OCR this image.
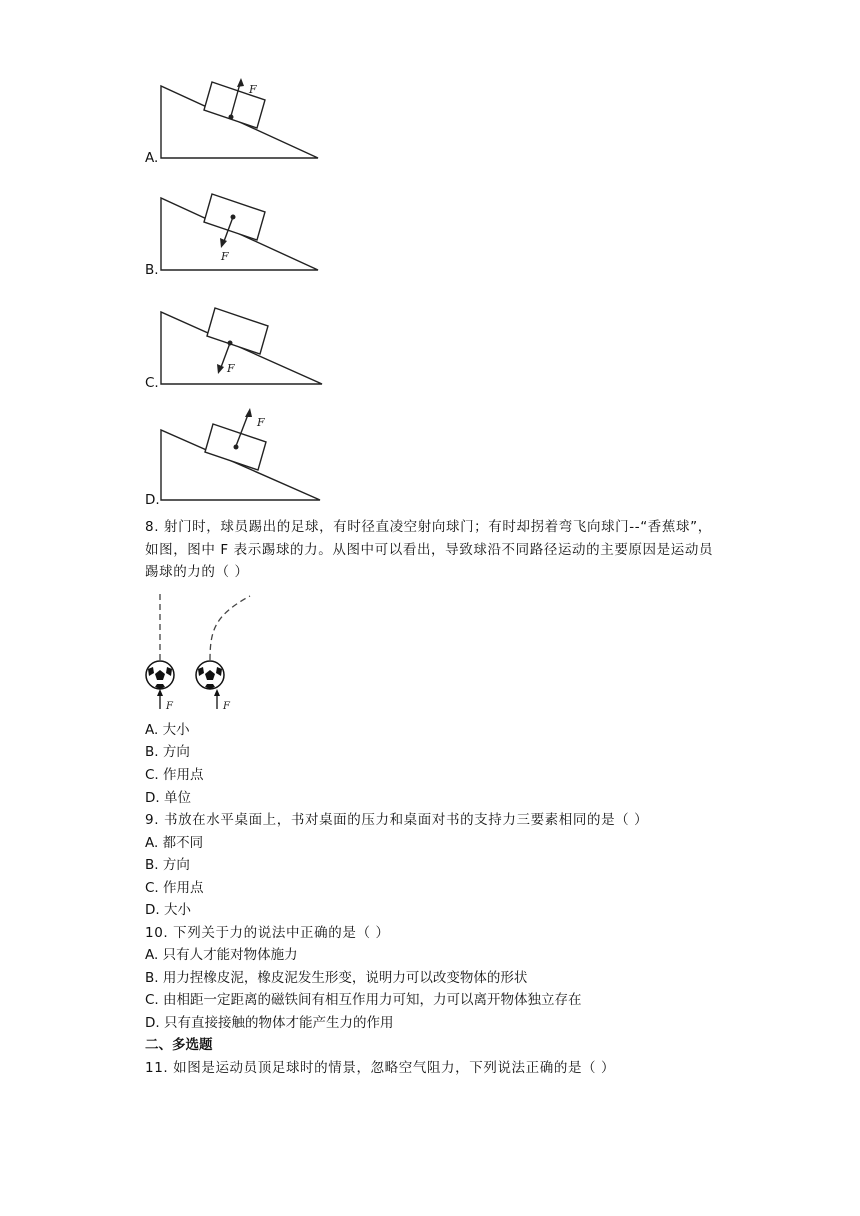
A.
F
B.
F
C.
F
D.
F
8. 射门时，球员踢出的足球，有时径直凌空射向球门；有时却拐着弯飞向球门--“香蕉球”，如图，图中 F 表示踢球的力。从图中可以看出，导致球沿不同路径运动的主要原因是运动员踢球的力的（ ）
F	F
A. 大小
B. 方向
C. 作用点
D. 单位
9. 书放在水平桌面上，书对桌面的压力和桌面对书的支持力三要素相同的是（ ）
A. 都不同
B. 方向
C. 作用点
D. 大小
10. 下列关于力的说法中正确的是（ ）
A. 只有人才能对物体施力
B. 用力捏橡皮泥，橡皮泥发生形变，说明力可以改变物体的形状
C. 由相距一定距离的磁铁间有相互作用力可知，力可以离开物体独立存在
D. 只有直接接触的物体才能产生力的作用
二、多选题
11. 如图是运动员顶足球时的情景，忽略空气阻力，下列说法正确的是（ ）
